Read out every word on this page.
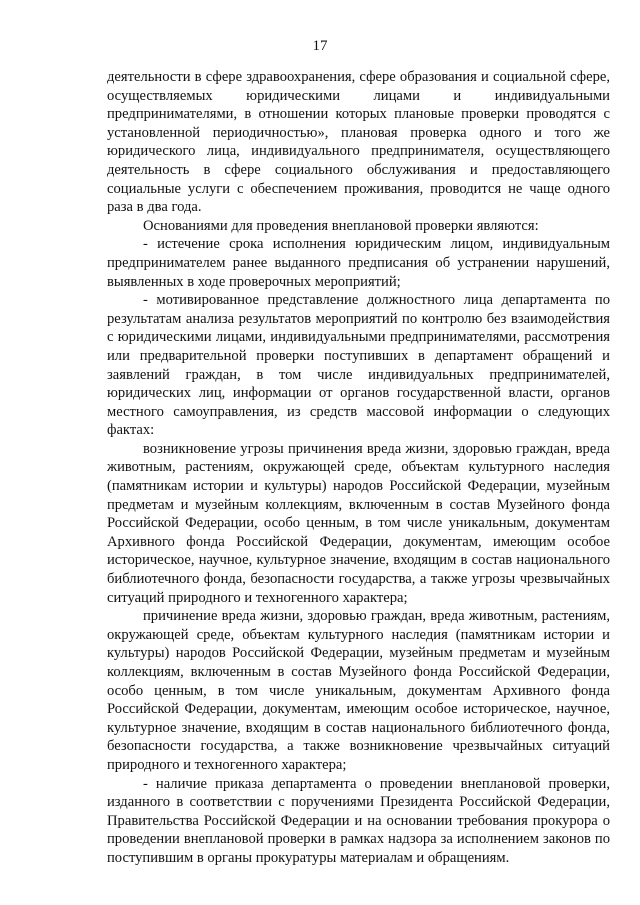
17

деятельности в сфере здравоохранения, сфере образования и социальной сфере, осуществляемых юридическими лицами и индивидуальными предпринимателями, в отношении которых плановые проверки проводятся с установленной периодичностью», плановая проверка одного и того же юридического лица, индивидуального предпринимателя, осуществляющего деятельность в сфере социального обслуживания и предоставляющего социальные услуги с обеспечением проживания, проводится не чаще одного раза в два года.

Основаниями для проведения внеплановой проверки являются:

- истечение срока исполнения юридическим лицом, индивидуальным предпринимателем ранее выданного предписания об устранении нарушений, выявленных в ходе проверочных мероприятий;

- мотивированное представление должностного лица департамента по результатам анализа результатов мероприятий по контролю без взаимодействия с юридическими лицами, индивидуальными предпринимателями, рассмотрения или предварительной проверки поступивших в департамент обращений и заявлений граждан, в том числе индивидуальных предпринимателей, юридических лиц, информации от органов государственной власти, органов местного самоуправления, из средств массовой информации о следующих фактах:

возникновение угрозы причинения вреда жизни, здоровью граждан, вреда животным, растениям, окружающей среде, объектам культурного наследия (памятникам истории и культуры) народов Российской Федерации, музейным предметам и музейным коллекциям, включенным в состав Музейного фонда Российской Федерации, особо ценным, в том числе уникальным, документам Архивного фонда Российской Федерации, документам, имеющим особое историческое, научное, культурное значение, входящим в состав национального библиотечного фонда, безопасности государства, а также угрозы чрезвычайных ситуаций природного и техногенного характера;

причинение вреда жизни, здоровью граждан, вреда животным, растениям, окружающей среде, объектам культурного наследия (памятникам истории и культуры) народов Российской Федерации, музейным предметам и музейным коллекциям, включенным в состав Музейного фонда Российской Федерации, особо ценным, в том числе уникальным, документам Архивного фонда Российской Федерации, документам, имеющим особое историческое, научное, культурное значение, входящим в состав национального библиотечного фонда, безопасности государства, а также возникновение чрезвычайных ситуаций природного и техногенного характера;

- наличие приказа департамента о проведении внеплановой проверки, изданного в соответствии с поручениями Президента Российской Федерации, Правительства Российской Федерации и на основании требования прокурора о проведении внеплановой проверки в рамках надзора за исполнением законов по поступившим в органы прокуратуры материалам и обращениям.
